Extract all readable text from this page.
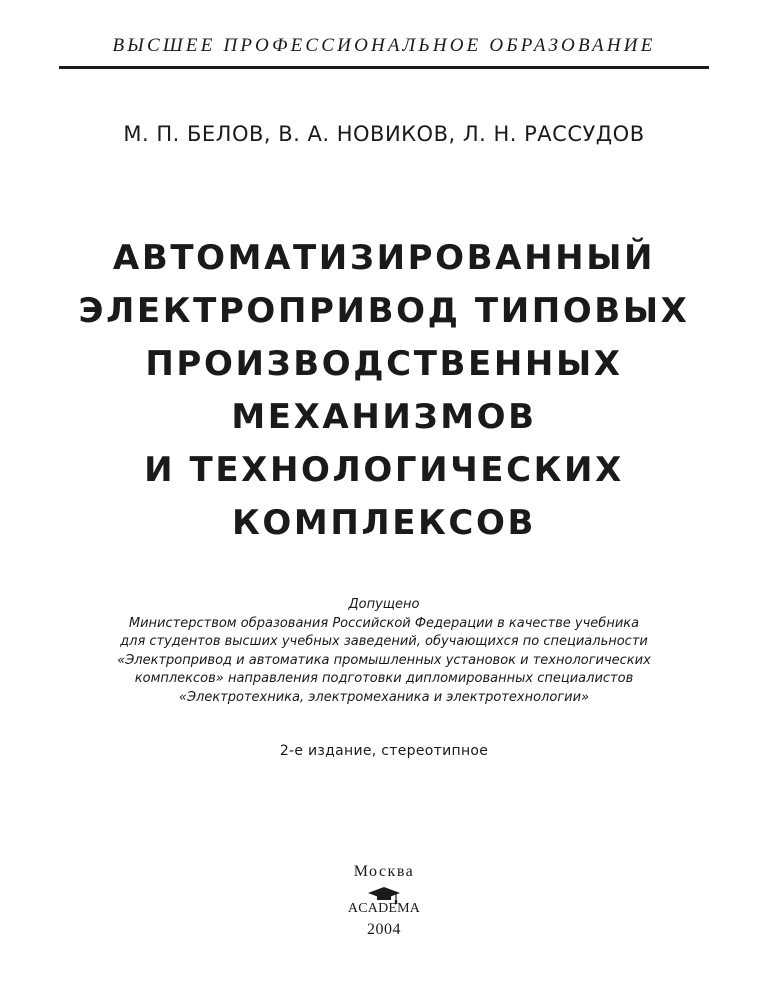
ВЫСШЕЕ ПРОФЕССИОНАЛЬНОЕ ОБРАЗОВАНИЕ
М. П. БЕЛОВ, В. А. НОВИКОВ, Л. Н. РАССУДОВ
АВТОМАТИЗИРОВАННЫЙ
ЭЛЕКТРОПРИВОД ТИПОВЫХ
ПРОИЗВОДСТВЕННЫХ
МЕХАНИЗМОВ
И ТЕХНОЛОГИЧЕСКИХ
КОМПЛЕКСОВ
Допущено
Министерством образования Российской Федерации в качестве учебника
для студентов высших учебных заведений, обучающихся по специальности
«Электропривод и автоматика промышленных установок и технологических
комплексов» направления подготовки дипломированных специалистов
«Электротехника, электромеханика и электротехнологии»
2-е издание, стереотипное
Москва
ACADEMA
2004
